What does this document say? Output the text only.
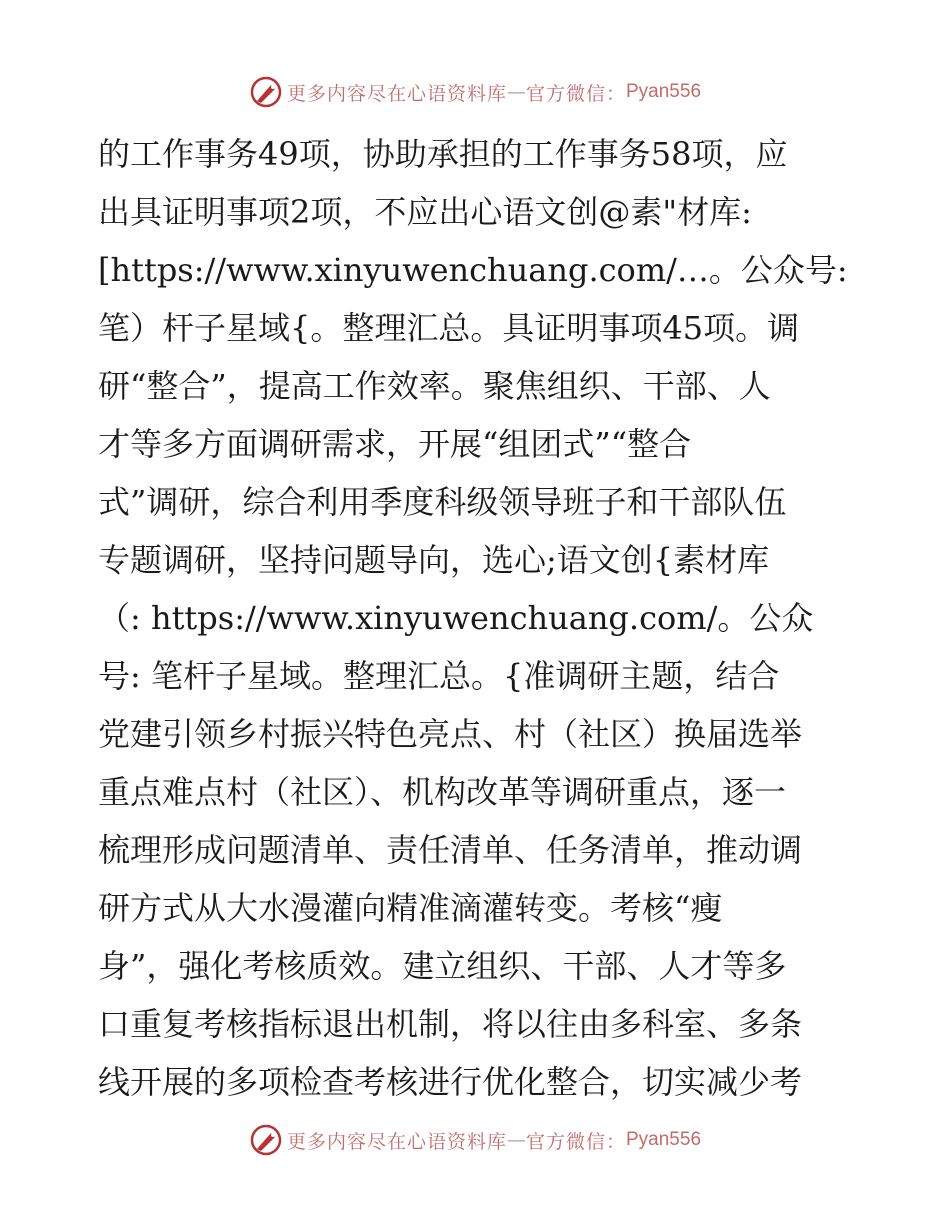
更多内容尽在心语资料库 — 官方微信： Pyan556
的工作事务49项，协助承担的工作事务58项，应
出具证明事项2项，不应出心语文创@素"材库:
[https://www.xinyuwenchuang.com/…。公众号:
笔）杆子星域{。整理汇总。具证明事项45项。调
研“整合”，提高工作效率。聚焦组织、干部、人
才等多方面调研需求，开展“组团式”“整合
式”调研，综合利用季度科级领导班子和干部队伍
专题调研，坚持问题导向，选心;语文创{素材库
（: https://www.xinyuwenchuang.com/。公众
号: 笔杆子星域。整理汇总。{准调研主题，结合
党建引领乡村振兴特色亮点、村（社区）换届选举
重点难点村（社区）、机构改革等调研重点，逐一
梳理形成问题清单、责任清单、任务清单，推动调
研方式从大水漫灌向精准滴灌转变。考核“瘦
身”，强化考核质效。建立组织、干部、人才等多
口重复考核指标退出机制，将以往由多科室、多条
线开展的多项检查考核进行优化整合，切实减少考
更多内容尽在心语资料库 — 官方微信： Pyan556
